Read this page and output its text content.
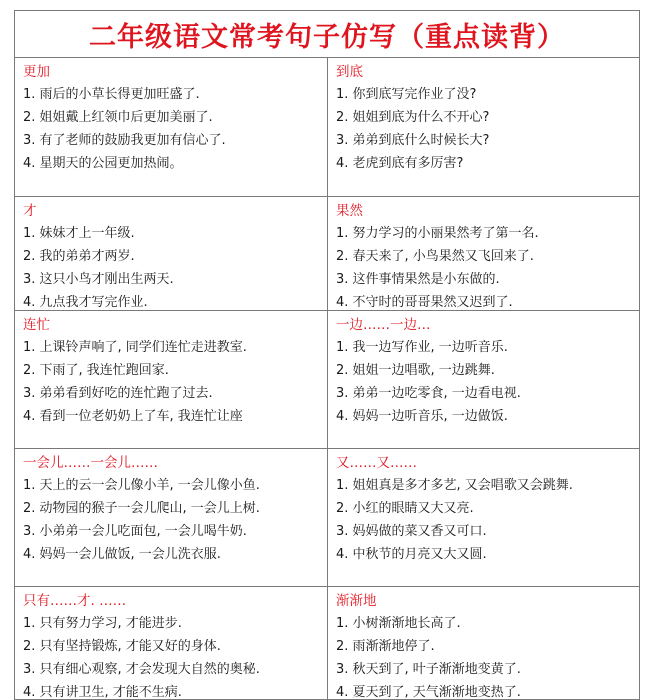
二年级语文常考句子仿写（重点读背）
更加
1. 雨后的小草长得更加旺盛了.
2. 姐姐戴上红领巾后更加美丽了.
3. 有了老师的鼓励我更加有信心了.
4. 星期天的公园更加热闹。
到底
1. 你到底写完作业了没?
2. 姐姐到底为什么不开心?
3. 弟弟到底什么时候长大?
4. 老虎到底有多厉害?
才
1. 妹妹才上一年级.
2. 我的弟弟才两岁.
3. 这只小鸟才刚出生两天.
4. 九点我才写完作业.
果然
1. 努力学习的小丽果然考了第一名.
2. 春天来了, 小鸟果然又飞回来了.
3. 这件事情果然是小东做的.
4. 不守时的哥哥果然又迟到了.
连忙
1. 上课铃声响了, 同学们连忙走进教室.
2. 下雨了, 我连忙跑回家.
3. 弟弟看到好吃的连忙跑了过去.
4. 看到一位老奶奶上了车, 我连忙让座
一边……一边…
1. 我一边写作业, 一边听音乐.
2. 姐姐一边唱歌, 一边跳舞.
3. 弟弟一边吃零食, 一边看电视.
4. 妈妈一边听音乐, 一边做饭.
一会儿……一会儿……
1. 天上的云一会儿像小羊, 一会儿像小鱼.
2. 动物园的猴子一会儿爬山, 一会儿上树.
3. 小弟弟一会儿吃面包, 一会儿喝牛奶.
4. 妈妈一会儿做饭, 一会儿洗衣服.
又……又……
1. 姐姐真是多才多艺, 又会唱歌又会跳舞.
2. 小红的眼睛又大又亮.
3. 妈妈做的菜又香又可口.
4. 中秋节的月亮又大又圆.
只有……才. ……
1. 只有努力学习, 才能进步.
2. 只有坚持锻炼, 才能又好的身体.
3. 只有细心观察, 才会发现大自然的奥秘.
4. 只有讲卫生, 才能不生病.
渐渐地
1. 小树渐渐地长高了.
2. 雨渐渐地停了.
3. 秋天到了, 叶子渐渐地变黄了.
4. 夏天到了, 天气渐渐地变热了.
